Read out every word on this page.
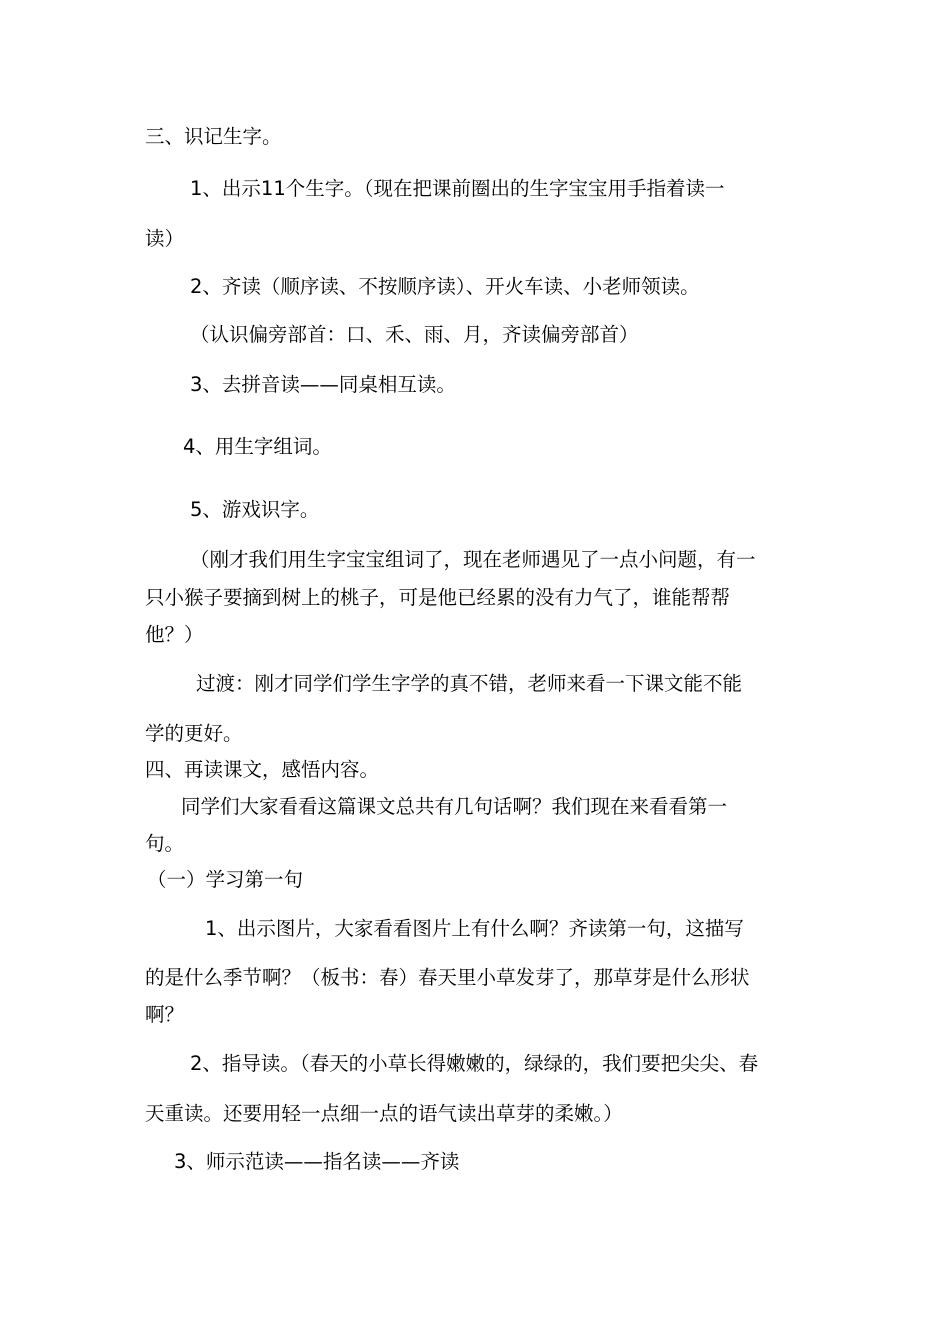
三、识记生字。

1、出示11个生字。（现在把课前圈出的生字宝宝用手指着读一

读）

2、齐读（顺序读、不按顺序读）、开火车读、小老师领读。

（认识偏旁部首：口、禾、雨、月，齐读偏旁部首）

3、去拼音读——同桌相互读。

4、用生字组词。

5、游戏识字。

（刚才我们用生字宝宝组词了，现在老师遇见了一点小问题，有一

只小猴子要摘到树上的桃子，可是他已经累的没有力气了，谁能帮帮

他？）

过渡：刚才同学们学生字学的真不错，老师来看一下课文能不能

学的更好。

四、再读课文，感悟内容。

同学们大家看看这篇课文总共有几句话啊？我们现在来看看第一

句。

（一）学习第一句

1、出示图片，大家看看图片上有什么啊？齐读第一句，这描写

的是什么季节啊？（板书：春）春天里小草发芽了，那草芽是什么形状

啊？

2、指导读。（春天的小草长得嫩嫩的，绿绿的，我们要把尖尖、春

天重读。还要用轻一点细一点的语气读出草芽的柔嫩。）

3、师示范读——指名读——齐读
